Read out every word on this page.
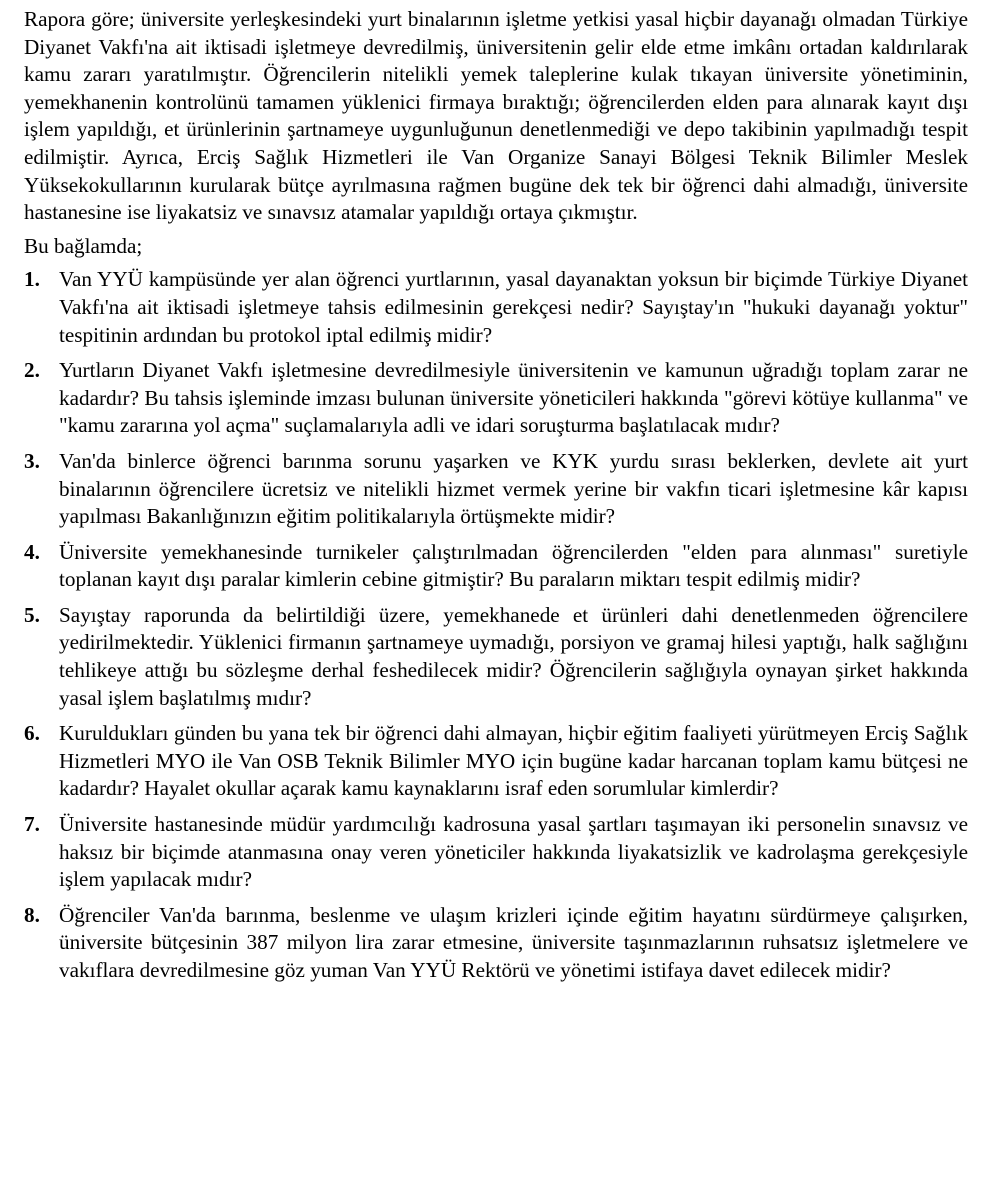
Rapora göre; üniversite yerleşkesindeki yurt binalarının işletme yetkisi yasal hiçbir dayanağı olmadan Türkiye Diyanet Vakfı'na ait iktisadi işletmeye devredilmiş, üniversitenin gelir elde etme imkânı ortadan kaldırılarak kamu zararı yaratılmıştır. Öğrencilerin nitelikli yemek taleplerine kulak tıkayan üniversite yönetiminin, yemekhanenin kontrolünü tamamen yüklenici firmaya bıraktığı; öğrencilerden elden para alınarak kayıt dışı işlem yapıldığı, et ürünlerinin şartnameye uygunluğunun denetlenmediği ve depo takibinin yapılmadığı tespit edilmiştir. Ayrıca, Erciş Sağlık Hizmetleri ile Van Organize Sanayi Bölgesi Teknik Bilimler Meslek Yüksekokullarının kurularak bütçe ayrılmasına rağmen bugüne dek tek bir öğrenci dahi almadığı, üniversite hastanesine ise liyakatsiz ve sınavsız atamalar yapıldığı ortaya çıkmıştır.

Bu bağlamda;

1. Van YYÜ kampüsünde yer alan öğrenci yurtlarının, yasal dayanaktan yoksun bir biçimde Türkiye Diyanet Vakfı'na ait iktisadi işletmeye tahsis edilmesinin gerekçesi nedir? Sayıştay'ın "hukuki dayanağı yoktur" tespitinin ardından bu protokol iptal edilmiş midir?
2. Yurtların Diyanet Vakfı işletmesine devredilmesiyle üniversitenin ve kamunun uğradığı toplam zarar ne kadardır? Bu tahsis işleminde imzası bulunan üniversite yöneticileri hakkında "görevi kötüye kullanma" ve "kamu zararına yol açma" suçlamalarıyla adli ve idari soruşturma başlatılacak mıdır?
3. Van'da binlerce öğrenci barınma sorunu yaşarken ve KYK yurdu sırası beklerken, devlete ait yurt binalarının öğrencilere ücretsiz ve nitelikli hizmet vermek yerine bir vakfın ticari işletmesine kâr kapısı yapılması Bakanlığınızın eğitim politikalarıyla örtüşmekte midir?
4. Üniversite yemekhanesinde turnikeler çalıştırılmadan öğrencilerden "elden para alınması" suretiyle toplanan kayıt dışı paralar kimlerin cebine gitmiştir? Bu paraların miktarı tespit edilmiş midir?
5. Sayıştay raporunda da belirtildiği üzere, yemekhanede et ürünleri dahi denetlenmeden öğrencilere yedirilmektedir. Yüklenici firmanın şartnameye uymadığı, porsiyon ve gramaj hilesi yaptığı, halk sağlığını tehlikeye attığı bu sözleşme derhal feshedilecek midir? Öğrencilerin sağlığıyla oynayan şirket hakkında yasal işlem başlatılmış mıdır?
6. Kuruldukları günden bu yana tek bir öğrenci dahi almayan, hiçbir eğitim faaliyeti yürütmeyen Erciş Sağlık Hizmetleri MYO ile Van OSB Teknik Bilimler MYO için bugüne kadar harcanan toplam kamu bütçesi ne kadardır? Hayalet okullar açarak kamu kaynaklarını israf eden sorumlular kimlerdir?
7. Üniversite hastanesinde müdür yardımcılığı kadrosuna yasal şartları taşımayan iki personelin sınavsız ve haksız bir biçimde atanmasına onay veren yöneticiler hakkında liyakatsizlik ve kadrolaşma gerekçesiyle işlem yapılacak mıdır?
8. Öğrenciler Van'da barınma, beslenme ve ulaşım krizleri içinde eğitim hayatını sürdürmeye çalışırken, üniversite bütçesinin 387 milyon lira zarar etmesine, üniversite taşınmazlarının ruhsatsız işletmelere ve vakıflara devredilmesine göz yuman Van YYÜ Rektörü ve yönetimi istifaya davet edilecek midir?
